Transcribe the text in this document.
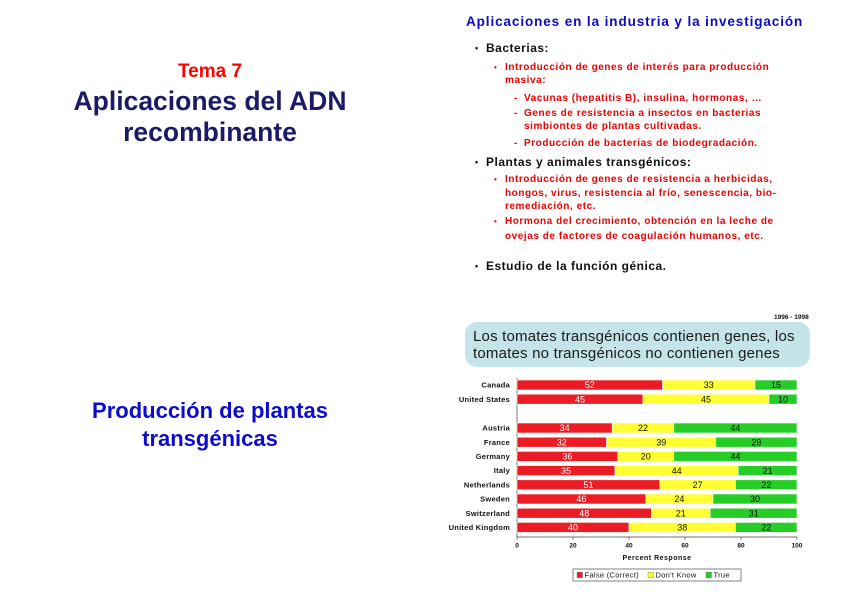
Tema 7
Aplicaciones del ADN
recombinante
Aplicaciones en la industria y la investigación
• Bacterias:
• Introducción de genes de interés para producción
masiva:
- Vacunas (hepatitis B), insulina, hormonas, …
- Genes de resistencia a insectos en bacterias
simbiontes de plantas cultivadas.
- Producción de bacterias de biodegradación.
• Plantas y animales transgénicos:
• Introducción de genes de resistencia a herbicidas,
hongos, virus, resistencia al frío, senescencia, bio-
remediación, etc.
• Hormona del crecimiento, obtención en la leche de
ovejas de factores de coagulación humanos, etc.
• Estudio de la función génica.
Producción de plantas
transgénicas
1996 - 1998
Los tomates transgénicos contienen genes, los
tomates no transgénicos no contienen genes
Canada	52	33	15
United States	45	45	10
Austria	34	22	44
France	32	39	29
Germany	36	20	44
Italy	35	44	21
Netherlands	51	27	22
Sweden	46	24	30
Switzerland	48	21	31
United Kingdom	40	38	22
0	20	40	60	80	100
Percent Response
False (Correct) Don't Know True
